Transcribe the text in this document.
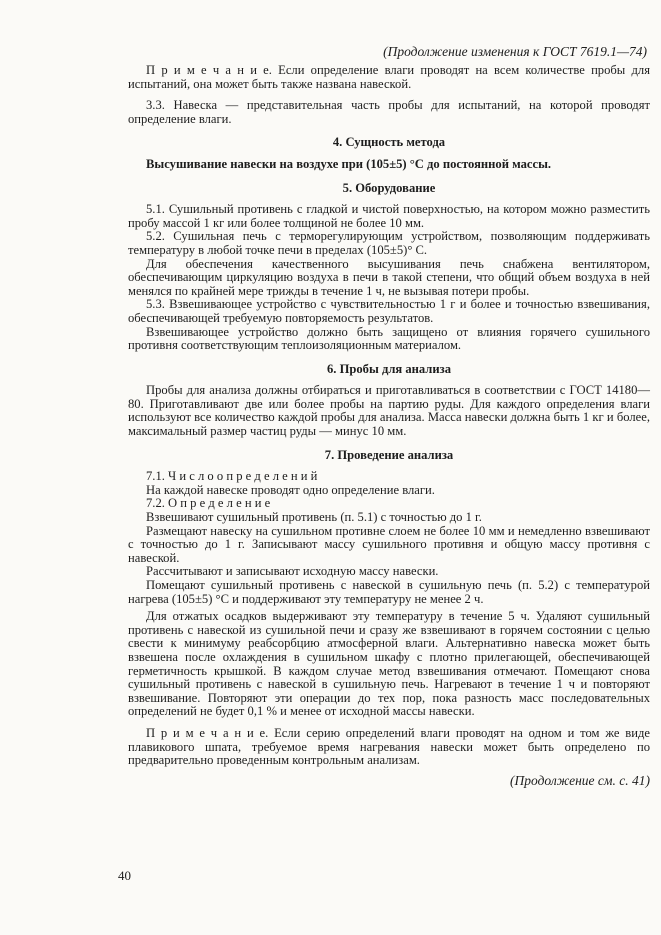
(Продолжение изменения к ГОСТ 7619.1—74)

П р и м е ч а н и е. Если определение влаги проводят на всем количестве пробы для испытаний, она может быть также названа навеской.

3.3. Навеска — представительная часть пробы для испытаний, на которой проводят определение влаги.

4. Сущность метода

Высушивание навески на воздухе при (105±5) °C до постоянной массы.

5. Оборудование

5.1. Сушильный противень с гладкой и чистой поверхностью, на котором можно разместить пробу массой 1 кг или более толщиной не более 10 мм.

5.2. Сушильная печь с терморегулирующим устройством, позволяющим поддерживать температуру в любой точке печи в пределах (105±5)° С.

Для обеспечения качественного высушивания печь снабжена вентилятором, обеспечивающим циркуляцию воздуха в печи в такой степени, что общий объем воздуха в ней менялся по крайней мере трижды в течение 1 ч, не вызывая потери пробы.

5.3. Взвешивающее устройство с чувствительностью 1 г и более и точностью взвешивания, обеспечивающей требуемую повторяемость результатов.

Взвешивающее устройство должно быть защищено от влияния горячего сушильного противня соответствующим теплоизоляционным материалом.

6. Пробы для анализа

Пробы для анализа должны отбираться и приготавливаться в соответствии с ГОСТ 14180—80. Приготавливают две или более пробы на партию руды. Для каждого определения влаги используют все количество каждой пробы для анализа. Масса навески должна быть 1 кг и более, максимальный размер частиц руды — минус 10 мм.

7. Проведение анализа

7.1. Ч и с л о о п р е д е л е н и й

На каждой навеске проводят одно определение влаги.

7.2. О п р е д е л е н и е

Взвешивают сушильный противень (п. 5.1) с точностью до 1 г.

Размещают навеску на сушильном противне слоем не более 10 мм и немедленно взвешивают с точностью до 1 г. Записывают массу сушильного противня и общую массу противня с навеской.

Рассчитывают и записывают исходную массу навески.

Помещают сушильный противень с навеской в сушильную печь (п. 5.2) с температурой нагрева (105±5) °С и поддерживают эту температуру не менее 2 ч.

Для отжатых осадков выдерживают эту температуру в течение 5 ч. Удаляют сушильный противень с навеской из сушильной печи и сразу же взвешивают в горячем состоянии с целью свести к минимуму реабсорбцию атмосферной влаги. Альтернативно навеска может быть взвешена после охлаждения в сушильном шкафу с плотно прилегающей, обеспечивающей герметичность крышкой. В каждом случае метод взвешивания отмечают. Помещают снова сушильный противень с навеской в сушильную печь. Нагревают в течение 1 ч и повторяют взвешивание. Повторяют эти операции до тех пор, пока разность масс последовательных определений не будет 0,1 % и менее от исходной массы навески.

П р и м е ч а н и е. Если серию определений влаги проводят на одном и том же виде плавикового шпата, требуемое время нагревания навески может быть определено по предварительно проведенным контрольным анализам.

(Продолжение см. с. 41)
40
